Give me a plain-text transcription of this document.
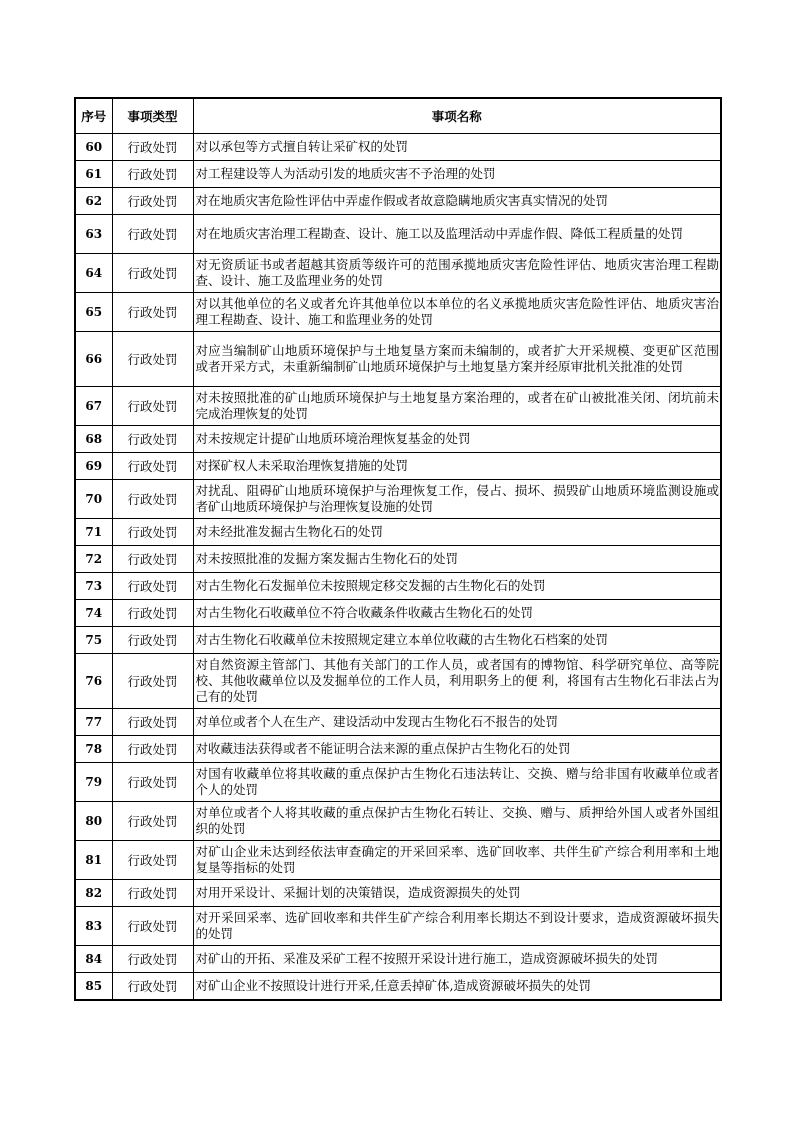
序号	事项类型	事项名称
60	行政处罚	对以承包等方式擅自转让采矿权的处罚
61	行政处罚	对工程建设等人为活动引发的地质灾害不予治理的处罚
62	行政处罚	对在地质灾害危险性评估中弄虚作假或者故意隐瞒地质灾害真实情况的处罚
63	行政处罚	对在地质灾害治理工程勘查、设计、施工以及监理活动中弄虚作假、降低工程质量的处罚
64	行政处罚	对无资质证书或者超越其资质等级许可的范围承揽地质灾害危险性评估、地质灾害治理工程勘查、设计、施工及监理业务的处罚
65	行政处罚	对以其他单位的名义或者允许其他单位以本单位的名义承揽地质灾害危险性评估、地质灾害治理工程勘查、设计、施工和监理业务的处罚
66	行政处罚	对应当编制矿山地质环境保护与土地复垦方案而未编制的，或者扩大开采规模、变更矿区范围或者开采方式，未重新编制矿山地质环境保护与土地复垦方案并经原审批机关批准的处罚
67	行政处罚	对未按照批准的矿山地质环境保护与土地复垦方案治理的，或者在矿山被批准关闭、闭坑前未完成治理恢复的处罚
68	行政处罚	对未按规定计提矿山地质环境治理恢复基金的处罚
69	行政处罚	对探矿权人未采取治理恢复措施的处罚
70	行政处罚	对扰乱、阻碍矿山地质环境保护与治理恢复工作，侵占、损坏、损毁矿山地质环境监测设施或者矿山地质环境保护与治理恢复设施的处罚
71	行政处罚	对未经批准发掘古生物化石的处罚
72	行政处罚	对未按照批准的发掘方案发掘古生物化石的处罚
73	行政处罚	对古生物化石发掘单位未按照规定移交发掘的古生物化石的处罚
74	行政处罚	对古生物化石收藏单位不符合收藏条件收藏古生物化石的处罚
75	行政处罚	对古生物化石收藏单位未按照规定建立本单位收藏的古生物化石档案的处罚
76	行政处罚	对自然资源主管部门、其他有关部门的工作人员，或者国有的博物馆、科学研究单位、高等院校、其他收藏单位以及发掘单位的工作人员，利用职务上的便 利，将国有古生物化石非法占为己有的处罚
77	行政处罚	对单位或者个人在生产、建设活动中发现古生物化石不报告的处罚
78	行政处罚	对收藏违法获得或者不能证明合法来源的重点保护古生物化石的处罚
79	行政处罚	对国有收藏单位将其收藏的重点保护古生物化石违法转让、交换、赠与给非国有收藏单位或者个人的处罚
80	行政处罚	对单位或者个人将其收藏的重点保护古生物化石转让、交换、赠与、质押给外国人或者外国组织的处罚
81	行政处罚	对矿山企业未达到经依法审查确定的开采回采率、选矿回收率、共伴生矿产综合利用率和土地复垦等指标的处罚
82	行政处罚	对用开采设计、采掘计划的决策错误，造成资源损失的处罚
83	行政处罚	对开采回采率、选矿回收率和共伴生矿产综合利用率长期达不到设计要求，造成资源破坏损失的处罚
84	行政处罚	对矿山的开拓、采准及采矿工程不按照开采设计进行施工，造成资源破坏损失的处罚
85	行政处罚	对矿山企业不按照设计进行开采,任意丢掉矿体,造成资源破坏损失的处罚
